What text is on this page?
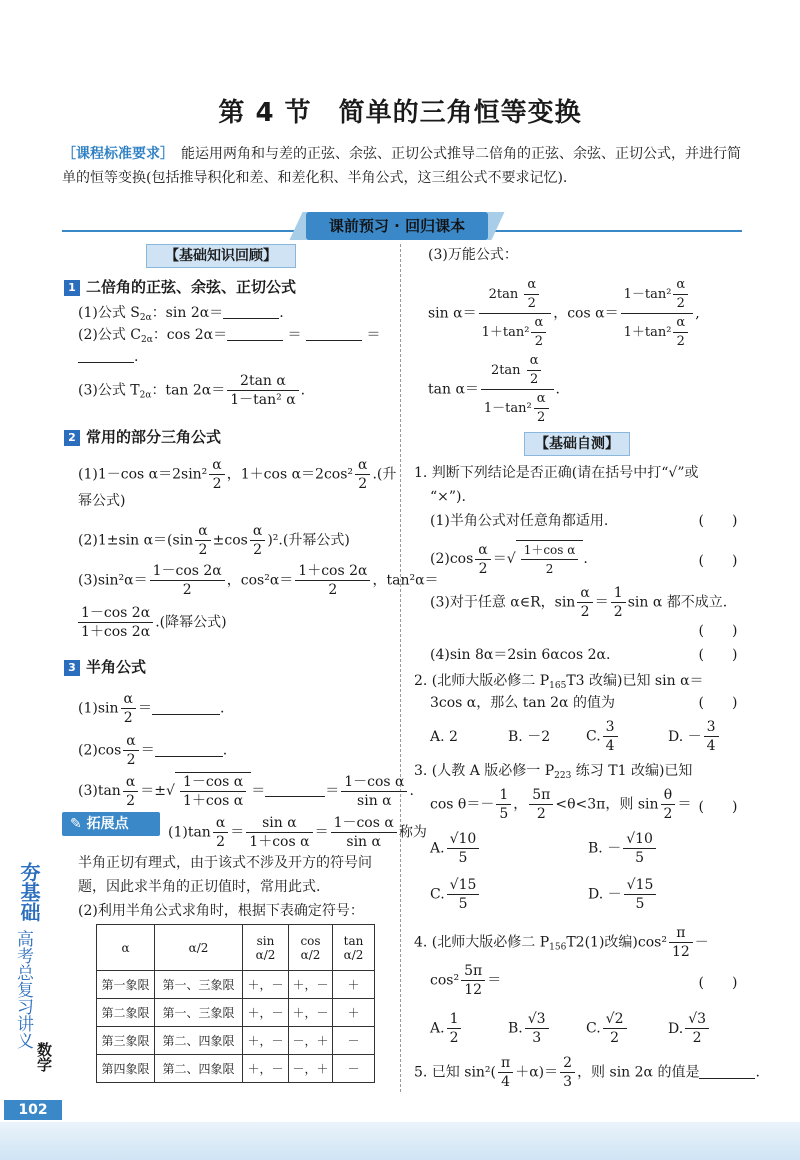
第 4 节　简单的三角恒等变换
［课程标准要求］　能运用两角和与差的正弦、余弦、正切公式推导二倍角的正弦、余弦、正切公式，并进行简单的恒等变换(包括推导积化和差、和差化积、半角公式，这三组公式不要求记忆).
课前预习 · 回归课本
【基础知识回顾】
1 二倍角的正弦、余弦、正切公式
(1)公式 $S_{2\alpha}$：sin 2α＝	.
(2)公式 $C_{2\alpha}$：cos 2α＝	＝	＝
.
(3)公式 $T_{2\alpha}$：$\tan 2\alpha= \frac{\text{2tan α}}{\text{1－tan² α}}$ .
2 常用的部分三角公式
(1)1－cos $\alpha=2\sin^2 \frac{\alpha}{2}$ ，1＋cos $\alpha=2\cos^2 \frac{\alpha}{2}$ .(升
幂公式)
(2)1±sin $\alpha=(\sin \frac{\alpha}{2} \pm\cos \frac{\alpha}{2} )^2$.(升幂公式)
$(3)\sin^2\alpha= \frac{1-\cos 2\alpha}{2}$ ，$\cos^2\alpha= \frac{1+\cos 2\alpha}{2}$ ，tan²α＝
$\frac{1-\cos 2\alpha}{1+\cos 2\alpha}$ .(降幂公式)
3 半角公式
$(1)\sin \frac{\alpha}{2}$ ＝	.
$(2)\cos \frac{\alpha}{2}$ ＝	.
$(3)\tan \frac{\alpha}{2}$ ＝±√ $\frac{\text{1－cos α}}{\text{1＋cos α}}$ ＝	＝ $\frac{\text{1－cos α}}{\text{sin α}}$ .
✎ 拓展点
$(1)\tan \frac{\alpha}{2} = \frac{\text{sin α}}{\text{1＋cos α}} = \frac{\text{1－cos α}}{\text{sin α}}$ 称为
半角正切有理式，由于该式不涉及开方的符号问
题，因此求半角的正切值时，常用此式.
(2)利用半角公式求角时，根据下表确定符号：
α	α/2	sin α/2	cos α/2	tan α/2
第一象限	第一、三象限	＋，－	＋，－	＋
第二象限	第一、三象限	＋，－	＋，－	＋
第三象限	第二、四象限	＋，－	－，＋	－
第四象限	第二、四象限	＋，－	－，＋	－
(3)万能公式：
$\sin \alpha= \frac{2\tan \frac{\alpha}{2}}{1+\tan^2 \frac{\alpha}{2}}$ ，$\cos \alpha= \frac{1-\tan^2 \frac{\alpha}{2}}{1+\tan^2 \frac{\alpha}{2}}$ ,
$\tan \alpha= \frac{2\tan \frac{\alpha}{2}}{1-\tan^2 \frac{\alpha}{2}}$ .
【基础自测】
1. 判断下列结论是否正确(请在括号中打“√”或
“×”).
(1)半角公式对任意角都适用.	(　　)
$(2)\cos \frac{\alpha}{2}$ ＝√ $\frac{\text{1＋cos α}}{2}$ .	(　　)
(3)对于任意 α∈R，$\sin \frac{\alpha}{2} = \frac{1}{2}$ sin α 都不成立.
(　　)
(4)sin 8α＝2sin 6αcos 2α.	(　　)
2. (北师大版必修二 $P_{165}T3$ 改编)已知 sin α＝
3cos α，那么 tan 2α 的值为	(　　)
A. 2	B. －2	C. $\frac{3}{4}$	D. － $\frac{3}{4}$
3. (人教 A 版必修一 $P_{223}$ 练习 T1 改编)已知
$\cos \theta=- \frac{1}{5}$ ， $\frac{5\pi}{2} <\theta<3\pi$，则 $\sin \frac{\theta}{2}$ ＝ (　　)
A. $\frac{√10}{5}$	B. － $\frac{√10}{5}$
C. $\frac{√15}{5}$	D. － $\frac{√15}{5}$
4. (北师大版必修二 $P_{156}T2(1)$改编)$\cos^2 \frac{\pi}{12}$ －
$\cos^2 \frac{5\pi}{12}$ ＝	(　　)
A. $\frac{1}{2}$	B. $\frac{√3}{3}$	C. $\frac{√2}{2}$	D. $\frac{√3}{2}$
5. 已知 $\sin^2( \frac{\pi}{4} +\alpha)= \frac{2}{3}$ ，则 sin 2α 的值是	.
夯基础
高考总复习讲义
数学
102
